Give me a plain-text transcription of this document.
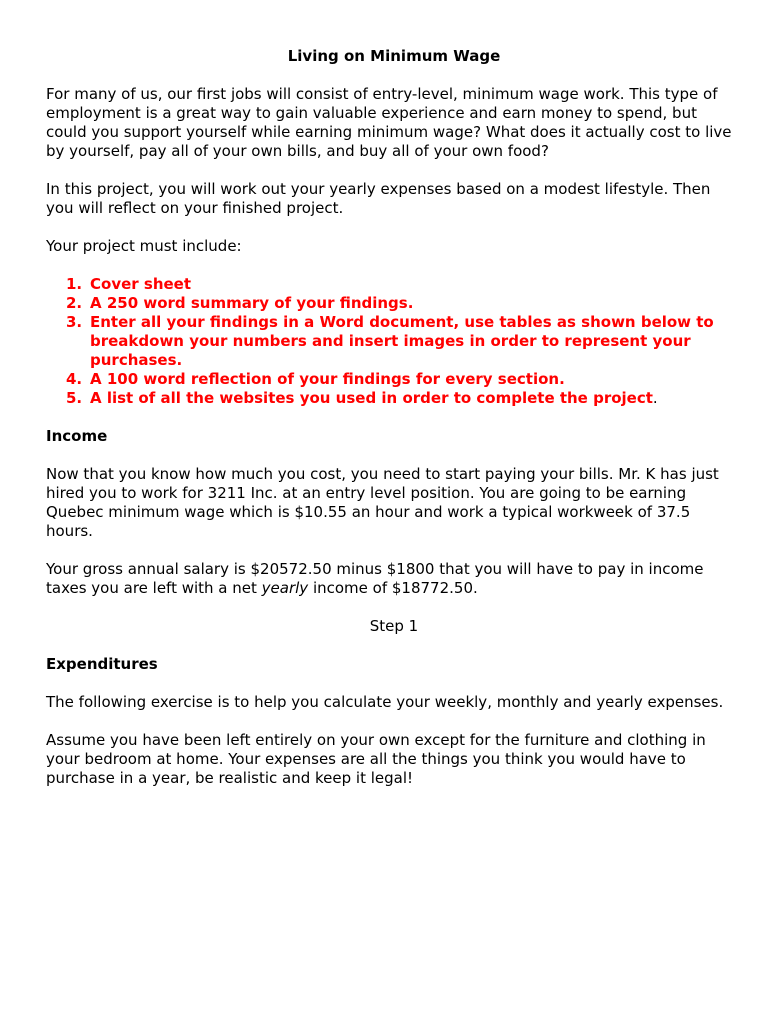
Living on Minimum Wage

For many of us, our first jobs will consist of entry-level, minimum wage work. This type of employment is a great way to gain valuable experience and earn money to spend, but could you support yourself while earning minimum wage? What does it actually cost to live by yourself, pay all of your own bills, and buy all of your own food?

In this project, you will work out your yearly expenses based on a modest lifestyle. Then you will reflect on your finished project.

Your project must include:

1. Cover sheet
2. A 250 word summary of your findings.
3. Enter all your findings in a Word document, use tables as shown below to breakdown your numbers and insert images in order to represent your purchases.
4. A 100 word reflection of your findings for every section.
5. A list of all the websites you used in order to complete the project.
Income

Now that you know how much you cost, you need to start paying your bills. Mr. K has just hired you to work for 3211 Inc. at an entry level position. You are going to be earning Quebec minimum wage which is $10.55 an hour and work a typical workweek of 37.5 hours.

Your gross annual salary is $20572.50 minus $1800 that you will have to pay in income taxes you are left with a net yearly income of $18772.50.

Step 1
Expenditures

The following exercise is to help you calculate your weekly, monthly and yearly expenses.

Assume you have been left entirely on your own except for the furniture and clothing in your bedroom at home. Your expenses are all the things you think you would have to purchase in a year, be realistic and keep it legal!
